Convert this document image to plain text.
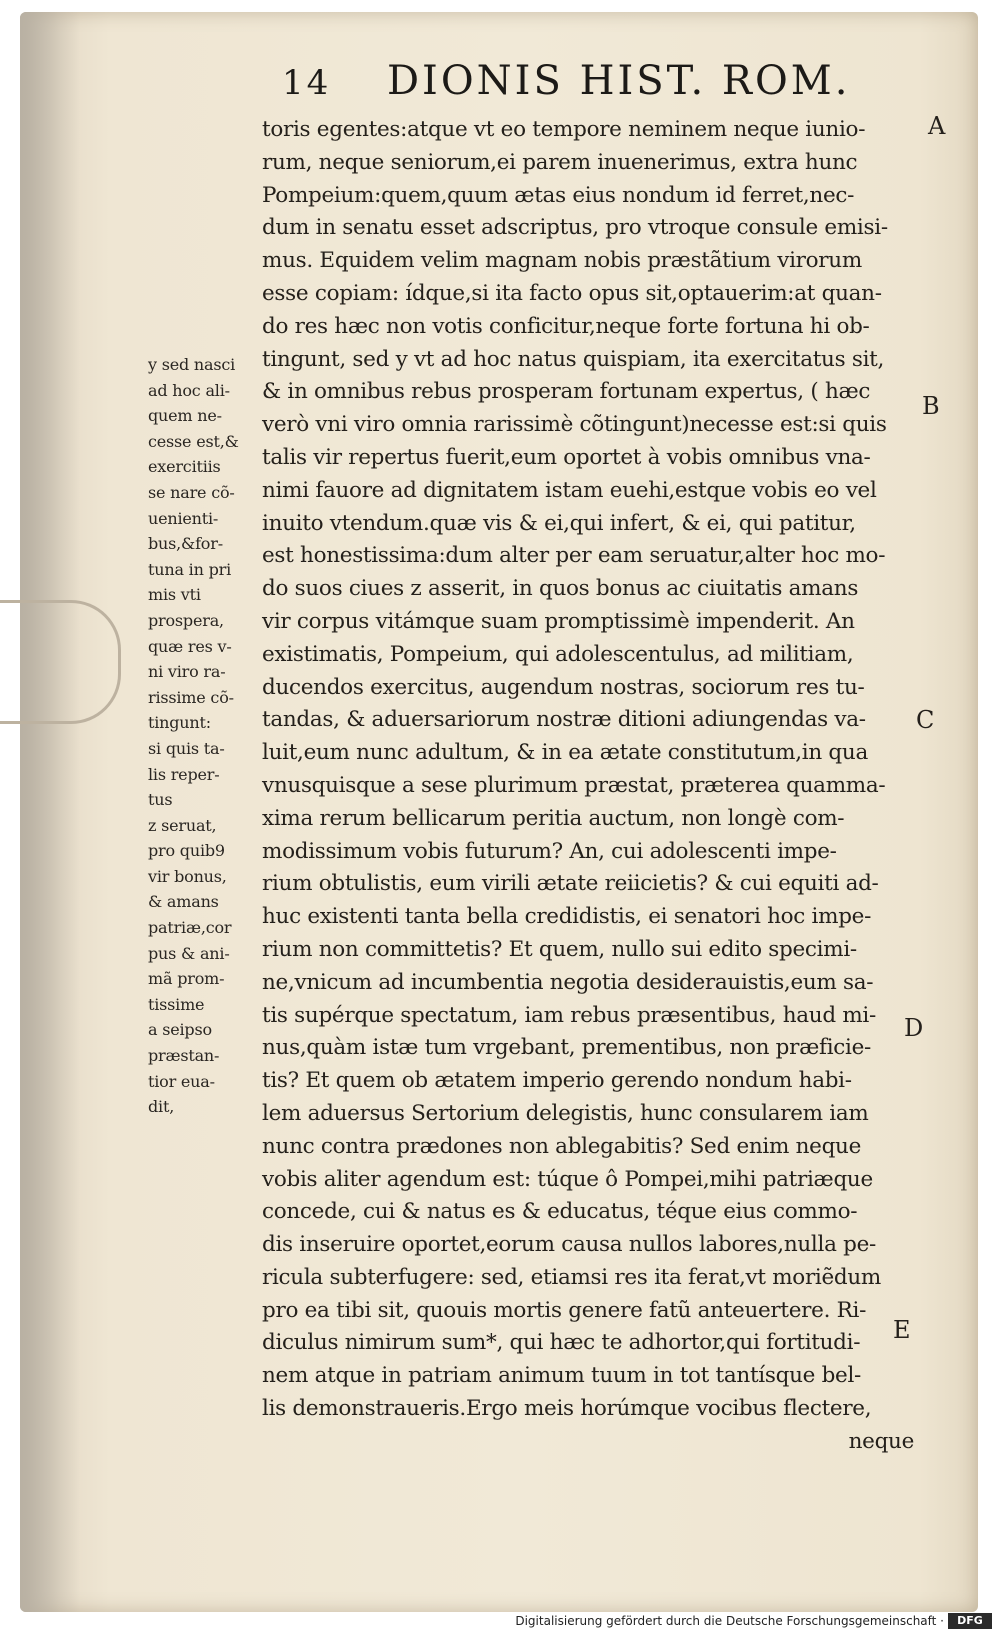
14 DIONIS HIST. ROM.
toris egentes:atque vt eo tempore neminem neque iunio-
rum, neque seniorum,ei parem inuenerimus, extra hunc
Pompeium:quem,quum ætas eius nondum id ferret,nec-
dum in senatu esset adscriptus, pro vtroque consule emisi-
mus. Equidem velim magnam nobis præstãtium virorum
esse copiam: ídque,si ita facto opus sit,optauerim:at quan-
do res hæc non votis conficitur,neque forte fortuna hi ob-
tingunt, sed y vt ad hoc natus quispiam, ita exercitatus sit,
& in omnibus rebus prosperam fortunam expertus, ( hæc
verò vni viro omnia rarissimè cõtingunt)necesse est:si quis
talis vir repertus fuerit,eum oportet à vobis omnibus vna-
nimi fauore ad dignitatem istam euehi,estque vobis eo vel
inuito vtendum.quæ vis & ei,qui infert, & ei, qui patitur,
est honestissima:dum alter per eam seruatur,alter hoc mo-
do suos ciues z asserit, in quos bonus ac ciuitatis amans
vir corpus vitámque suam promptissimè impenderit. An
existimatis, Pompeium, qui adolescentulus, ad militiam,
ducendos exercitus, augendum nostras, sociorum res tu-
tandas, & aduersariorum nostræ ditioni adiungendas va-
luit,eum nunc adultum, & in ea ætate constitutum,in qua
vnusquisque a sese plurimum præstat, præterea quamma-
xima rerum bellicarum peritia auctum, non longè com-
modissimum vobis futurum? An, cui adolescenti impe-
rium obtulistis, eum virili ætate reiicietis? & cui equiti ad-
huc existenti tanta bella credidistis, ei senatori hoc impe-
rium non committetis? Et quem, nullo sui edito specimi-
ne,vnicum ad incumbentia negotia desiderauistis,eum sa-
tis supérque spectatum, iam rebus præsentibus, haud mi-
nus,quàm istæ tum vrgebant, prementibus, non præficie-
tis? Et quem ob ætatem imperio gerendo nondum habi-
lem aduersus Sertorium delegistis, hunc consularem iam
nunc contra prædones non ablegabitis? Sed enim neque
vobis aliter agendum est: túque ô Pompei,mihi patriæque
concede, cui & natus es & educatus, téque eius commo-
dis inseruire oportet,eorum causa nullos labores,nulla pe-
ricula subterfugere: sed, etiamsi res ita ferat,vt moriẽdum
pro ea tibi sit, quouis mortis genere fatũ anteuertere. Ri-
diculus nimirum sum*, qui hæc te adhortor,qui fortitudi-
nem atque in patriam animum tuum in tot tantísque bel-
lis demonstraueris.Ergo meis horúmque vocibus flectere,
neque
y sed nasci
ad hoc ali-
quem ne-
cesse est,&
exercitiis
se nare cõ-
uenienti-
bus,&for-
tuna in pri
mis vti
prospera,
quæ res v-
ni viro ra-
rissime cõ-
tingunt:
si quis ta-
lis reper-
tus
z seruat,
pro quib9
vir bonus,
& amans
patriæ,cor
pus & ani-
mã prom-
tissime
a seipso
præstan-
tior eua-
dit,
A
B
C
D
E
Digitalisierung gefördert durch die Deutsche Forschungsgemeinschaft ·	DFG
